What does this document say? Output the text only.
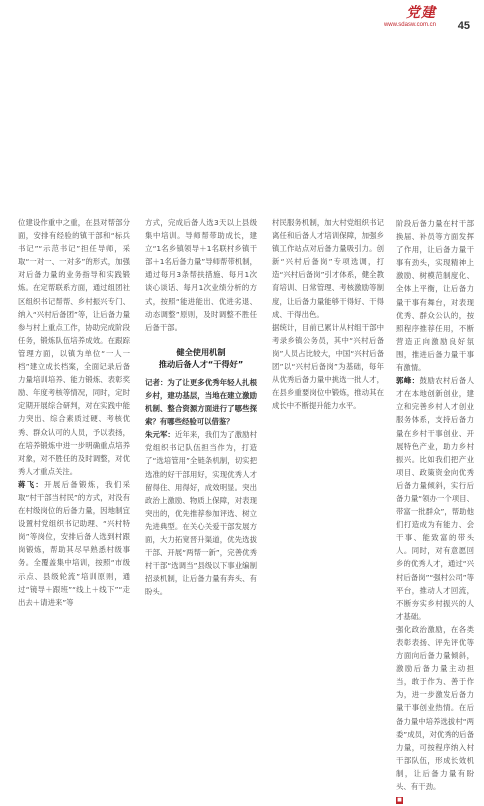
党建
www.sdasw.com.cn 45

位建设作重中之重，在县对帮部分面，安排有经验的镇干部和“标兵书记”“示范书记”担任导师，采取“一对一、一对多”的形式，加强对后备力量的业务指导和实践锻炼。在定帮联系方面，通过组团社区组织书记帮帮、乡村振兴专门、纳入“兴村后备团”等，让后备力量参与村上重点工作，协助完成阶段任务，锻炼队伍培养成效。在跟踪管理方面，以镇为单位“一人一档”建立成长档案，全面记录后备力量培训培养、能力锻炼、表彰奖励、年度考核等情况，同时，定时定期开展综合研判，对在实践中能力突出、综合素质过硬、考核优秀、群众认可的人员，予以表扬，在培养锻炼中进一步明确重点培养对象，对不胜任的及时调整，对优秀人才重点关注。

蒋飞：开展后备锻炼，我们采取“村干部当村民”的方式，对没有在村级岗位的后备力量，因地制宜设置村党组织书记助理、“兴村特岗”等岗位，安排后备人选到村跟岗锻炼，帮助其尽早熟悉村级事务。全覆盖集中培训，按照“市级示点、县级轮流”培训原则，通过“镜导＋跟班”“线上＋线下”“走出去＋请进来”等

方式，完成后备人选3天以上县级集中培训。导师帮带助成长，建立“1名乡镇领导＋1名联村乡镇干部＋1名后备力量”导师帮带机制，通过每月3条帮扶措施、每月1次谈心谈话、每月1次业绩分析的方式，按照“能进能出、优进劣退、动态调整”原则，及时调整不胜任后备干部。

健全使用机制
推动后备人才“干得好”

记者：为了让更多优秀年轻人扎根乡村，建功基层，当地在建立激励机制、整合资源方面进行了哪些探索？有哪些经验可以借鉴？

朱元军：近年来，我们为了激励村党组织书记队伍担当作为，打造了“选培管用”全链条机制，切实把选准的好干部用好，实现优秀人才留得住、用得好，成效明显。突出政治上激励、物质上保障，对表现突出的，优先推荐参加评选、树立先进典型。在关心关爱干部发展方面，大力拓宽晋升渠道，优先选拔干部、开展“两帮一新”，完善优秀村干部“选调当”县级以下事业编制招录机制，让后备力量有奔头、有盼头。

村民服务机制，加大村党组织书记离任和后备人才培训保障，加强乡镇工作站点对后备力量吸引力。创新“兴村后备岗”专项选调，打造“兴村后备岗”引才体系，健全教育培训、日常管理、考核激励等制度，让后备力量能够干得好、干得成、干得出色。

据统计，目前已累计从村组干部中考录乡镇公务员，其中“兴村后备岗”人员占比较大，中国“兴村后备团”以“兴村后备岗”为基础，每年从优秀后备力量中挑选一批人才，在县乡重要岗位中锻炼，推动其在成长中不断提升能力水平。

阶段后备力量在村干部换届、补员等方面发挥了作用，让后备力量干事有劲头，实现精神上激励、树模范制度化、全体上平衡，让后备力量干事有舞台，对表现优秀、群众公认的，按照程序推荐任用，不断营造正向激励良好氛围，推进后备力量干事有激情。

郭峰：鼓励农村后备人才在本地创新创业，建立和完善乡村人才创业服务体系，支持后备力量在乡村干事创业、开展特色产业，助力乡村振兴。比如我们把产业项目、政策资金向优秀后备力量倾斜，实行后备力量“领办一个项目、带富一批群众”，帮助他们打造成为有能力、会干事、能致富的带头人。同时，对有意愿回乡的优秀人才，通过“兴村后备岗”“强村公司”等平台，推动人才回流，不断夯实乡村振兴的人才基础。

强化政治激励，在各类表彰表扬、评先评优等方面向后备力量倾斜，激励后备力量主动担当，敢于作为、善于作为，进一步激发后备力量干事创业热情。在后备力量中培养选拔村“两委”成员，对优秀的后备力量，可按程序纳入村干部队伍，形成长效机制，让后备力量有盼头、有干劲。

■
